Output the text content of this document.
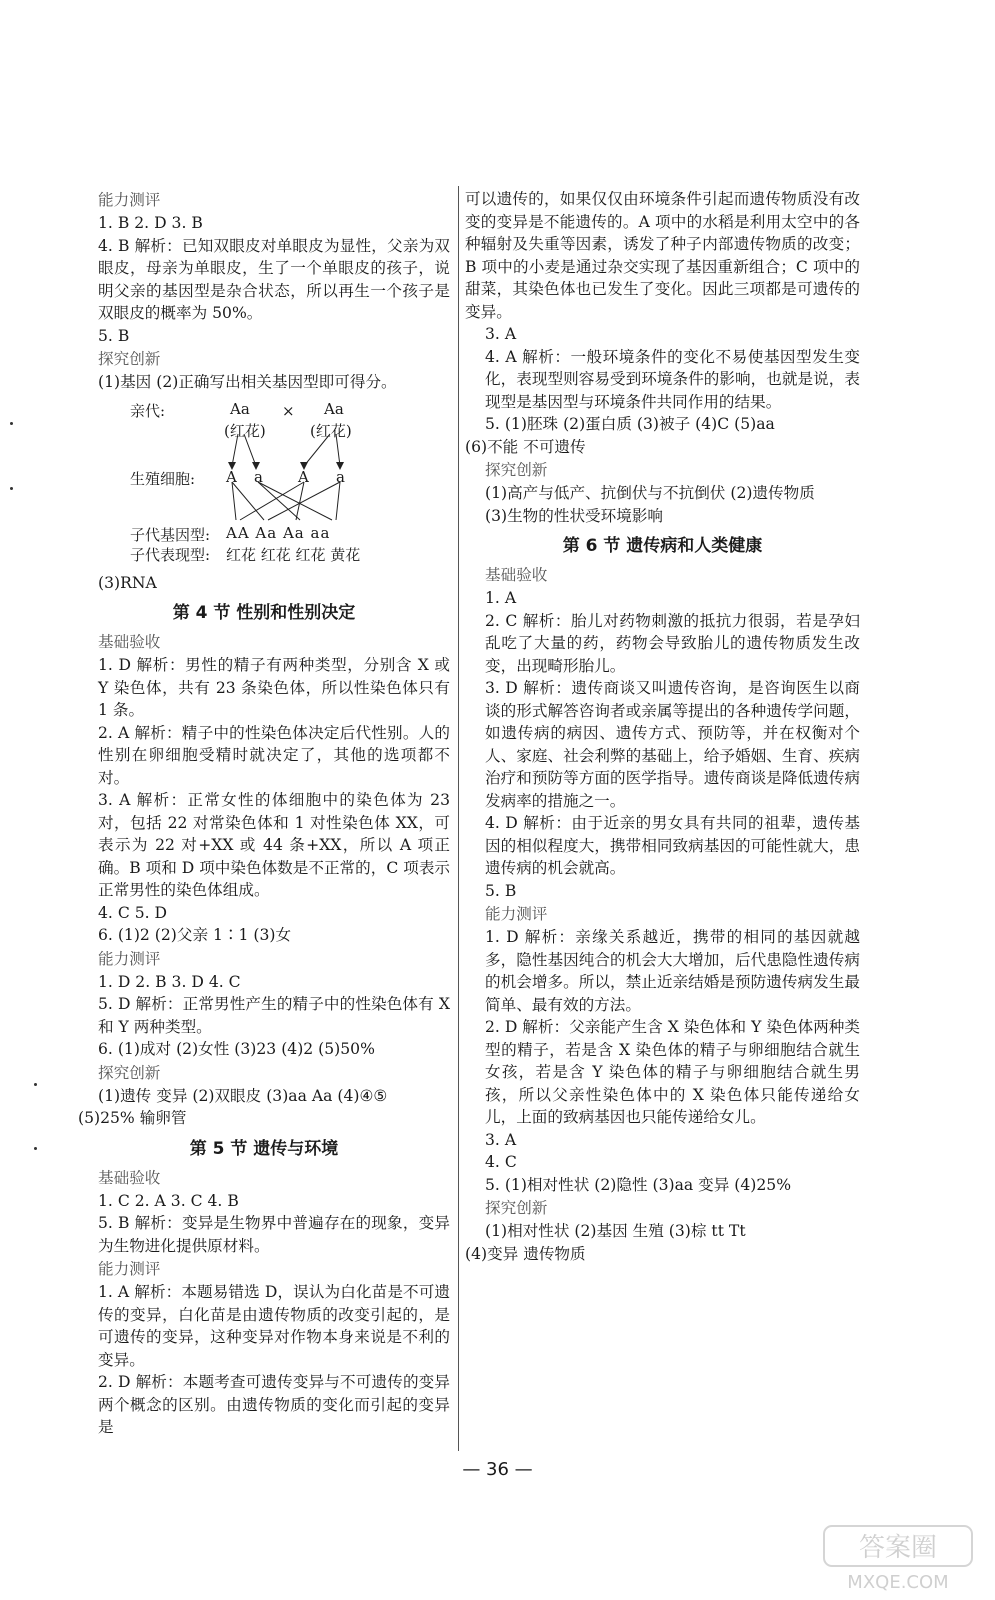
能力测评

1. B 2. D 3. B

4. B 解析：已知双眼皮对单眼皮为显性，父亲为双眼皮，母亲为单眼皮，生了一个单眼皮的孩子，说明父亲的基因型是杂合状态，所以再生一个孩子是双眼皮的概率为 50%。

5. B

探究创新

(1)基因 (2)正确写出相关基因型即可得分。

亲代:	Aa × Aa
(红花)	(红花)
生殖细胞: A a A a
子代基因型: AA Aa Aa aa
子代表现型: 红花 红花 红花 黄花

(3)RNA

第 4 节 性别和性别决定
基础验收

1. D 解析：男性的精子有两种类型，分别含 X 或 Y 染色体，共有 23 条染色体，所以性染色体只有 1 条。

2. A 解析：精子中的性染色体决定后代性别。人的性别在卵细胞受精时就决定了，其他的选项都不对。

3. A 解析：正常女性的体细胞中的染色体为 23 对，包括 22 对常染色体和 1 对性染色体 XX，可表示为 22 对+XX 或 44 条+XX，所以 A 项正确。B 项和 D 项中染色体数是不正常的，C 项表示正常男性的染色体组成。

4. C 5. D

6. (1)2 (2)父亲 1∶1 (3)女

能力测评

1. D 2. B 3. D 4. C

5. D 解析：正常男性产生的精子中的性染色体有 X 和 Y 两种类型。

6. (1)成对 (2)女性 (3)23 (4)2 (5)50%

探究创新

(1)遗传 变异 (2)双眼皮 (3)aa Aa (4)④⑤

(5)25% 输卵管

第 5 节 遗传与环境
基础验收

1. C 2. A 3. C 4. B

5. B 解析：变异是生物界中普遍存在的现象，变异为生物进化提供原材料。

能力测评

1. A 解析：本题易错选 D，误认为白化苗是不可遗传的变异，白化苗是由遗传物质的改变引起的，是可遗传的变异，这种变异对作物本身来说是不利的变异。

2. D 解析：本题考查可遗传变异与不可遗传的变异两个概念的区别。由遗传物质的变化而引起的变异是

可以遗传的，如果仅仅由环境条件引起而遗传物质没有改变的变异是不能遗传的。A 项中的水稻是利用太空中的各种辐射及失重等因素，诱发了种子内部遗传物质的改变；B 项中的小麦是通过杂交实现了基因重新组合；C 项中的甜菜，其染色体也已发生了变化。因此三项都是可遗传的变异。

3. A

4. A 解析：一般环境条件的变化不易使基因型发生变化，表现型则容易受到环境条件的影响，也就是说，表现型是基因型与环境条件共同作用的结果。

5. (1)胚珠 (2)蛋白质 (3)被子 (4)C (5)aa

(6)不能 不可遗传

探究创新

(1)高产与低产、抗倒伏与不抗倒伏 (2)遗传物质

(3)生物的性状受环境影响

第 6 节 遗传病和人类健康
基础验收

1. A

2. C 解析：胎儿对药物刺激的抵抗力很弱，若是孕妇乱吃了大量的药，药物会导致胎儿的遗传物质发生改变，出现畸形胎儿。

3. D 解析：遗传商谈又叫遗传咨询，是咨询医生以商谈的形式解答咨询者或亲属等提出的各种遗传学问题，如遗传病的病因、遗传方式、预防等，并在权衡对个人、家庭、社会利弊的基础上，给予婚姻、生育、疾病治疗和预防等方面的医学指导。遗传商谈是降低遗传病发病率的措施之一。

4. D 解析：由于近亲的男女具有共同的祖辈，遗传基因的相似程度大，携带相同致病基因的可能性就大，患遗传病的机会就高。

5. B

能力测评

1. D 解析：亲缘关系越近，携带的相同的基因就越多，隐性基因纯合的机会大大增加，后代患隐性遗传病的机会增多。所以，禁止近亲结婚是预防遗传病发生最简单、最有效的方法。

2. D 解析：父亲能产生含 X 染色体和 Y 染色体两种类型的精子，若是含 X 染色体的精子与卵细胞结合就生女孩，若是含 Y 染色体的精子与卵细胞结合就生男孩，所以父亲性染色体中的 X 染色体只能传递给女儿，上面的致病基因也只能传递给女儿。

3. A

4. C

5. (1)相对性状 (2)隐性 (3)aa 变异 (4)25%

探究创新

(1)相对性状 (2)基因 生殖 (3)棕 tt Tt

(4)变异 遗传物质

— 36 —
答案圈
MXQE.COM
